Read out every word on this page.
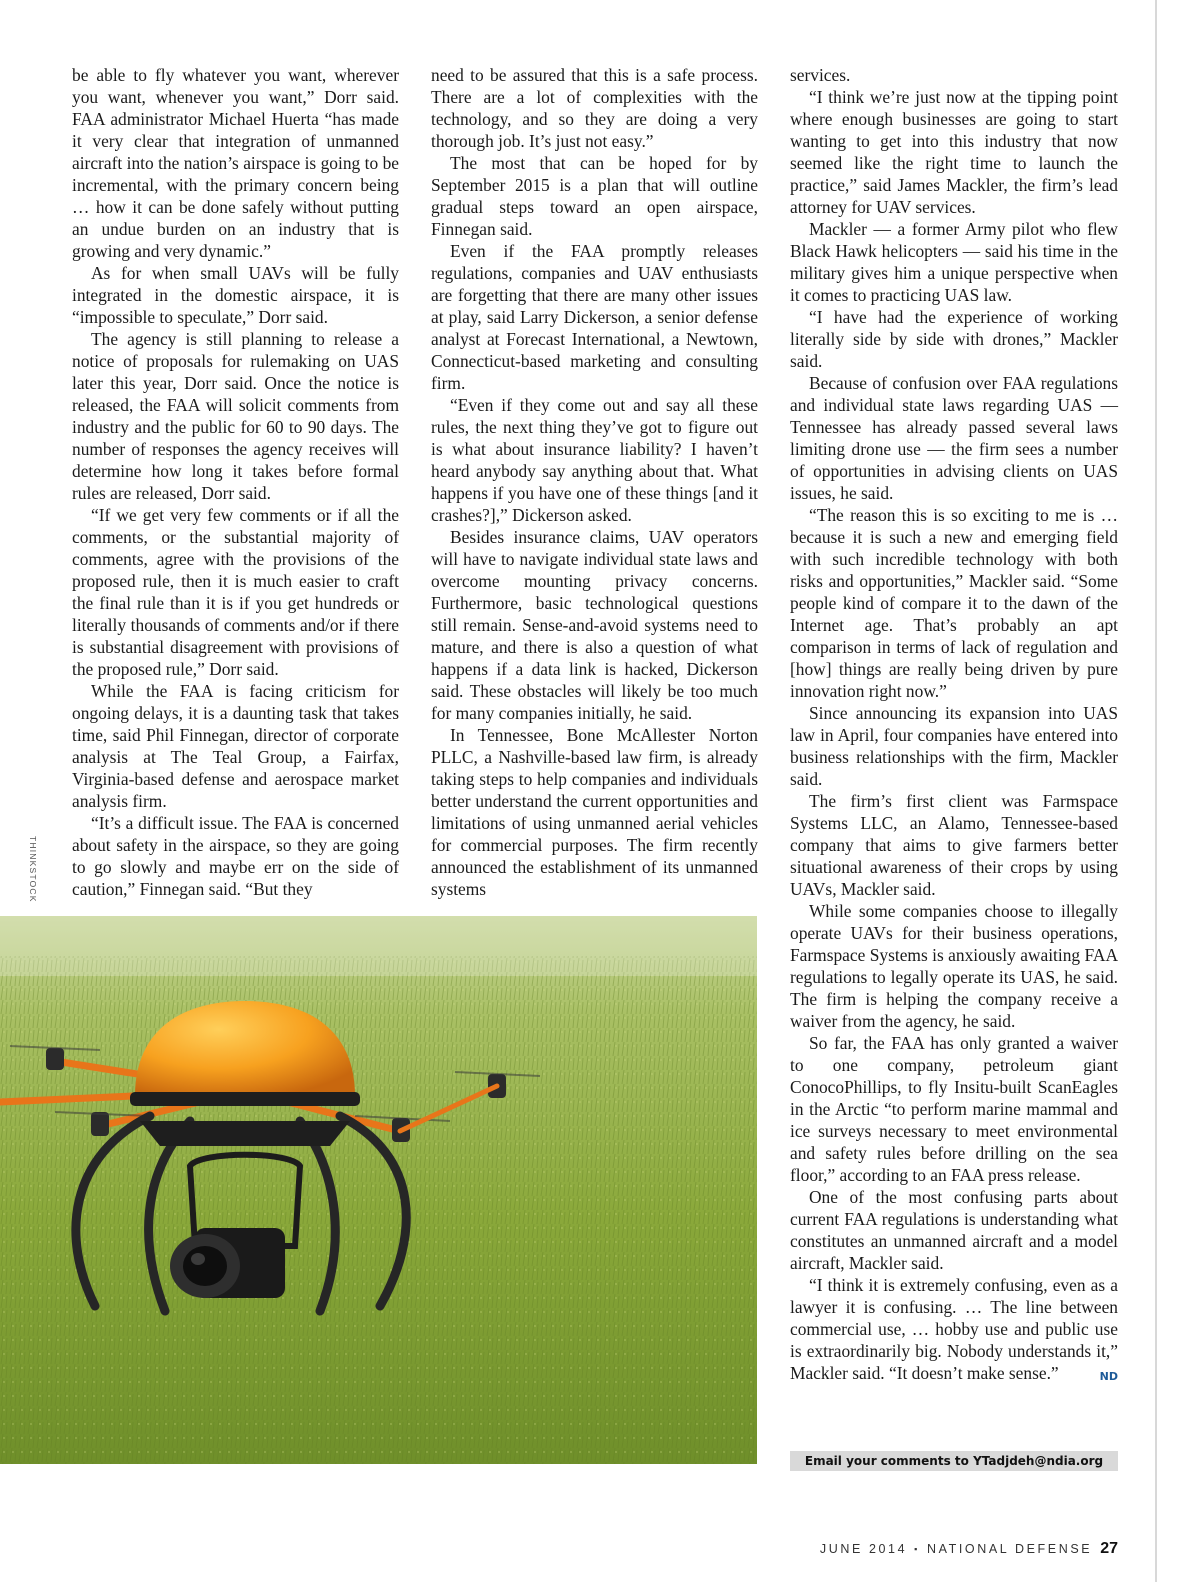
be able to fly whatever you want, wherever you want, whenever you want,” Dorr said. FAA administrator Michael Huerta “has made it very clear that integration of unmanned aircraft into the nation’s airspace is going to be incremental, with the primary concern being … how it can be done safely without putting an undue burden on an industry that is growing and very dynamic.”

As for when small UAVs will be fully integrated in the domestic airspace, it is “impossible to speculate,” Dorr said.

The agency is still planning to release a notice of proposals for rulemaking on UAS later this year, Dorr said. Once the notice is released, the FAA will solicit comments from industry and the public for 60 to 90 days. The number of responses the agency receives will determine how long it takes before formal rules are released, Dorr said.

“If we get very few comments or if all the comments, or the substantial majority of comments, agree with the provisions of the proposed rule, then it is much easier to craft the final rule than it is if you get hundreds or literally thousands of comments and/or if there is substantial disagreement with provisions of the proposed rule,” Dorr said.

While the FAA is facing criticism for ongoing delays, it is a daunting task that takes time, said Phil Finnegan, director of corporate analysis at The Teal Group, a Fairfax, Virginia-based defense and aerospace market analysis firm.

“It’s a difficult issue. The FAA is concerned about safety in the airspace, so they are going to go slowly and maybe err on the side of caution,” Finnegan said. “But they

need to be assured that this is a safe process. There are a lot of complexities with the technology, and so they are doing a very thorough job. It’s just not easy.”

The most that can be hoped for by September 2015 is a plan that will outline gradual steps toward an open airspace, Finnegan said.

Even if the FAA promptly releases regulations, companies and UAV enthusiasts are forgetting that there are many other issues at play, said Larry Dickerson, a senior defense analyst at Forecast International, a Newtown, Connecticut-based marketing and consulting firm.

“Even if they come out and say all these rules, the next thing they’ve got to figure out is what about insurance liability? I haven’t heard anybody say anything about that. What happens if you have one of these things [and it crashes?],” Dickerson asked.

Besides insurance claims, UAV operators will have to navigate individual state laws and overcome mounting privacy concerns. Furthermore, basic technological questions still remain. Sense-and-avoid systems need to mature, and there is also a question of what happens if a data link is hacked, Dickerson said. These obstacles will likely be too much for many companies initially, he said.

In Tennessee, Bone McAllester Norton PLLC, a Nashville-based law firm, is already taking steps to help companies and individuals better understand the current opportunities and limitations of using unmanned aerial vehicles for commercial purposes. The firm recently announced the establishment of its unmanned systems

services.

“I think we’re just now at the tipping point where enough businesses are going to start wanting to get into this industry that now seemed like the right time to launch the practice,” said James Mackler, the firm’s lead attorney for UAV services.

Mackler — a former Army pilot who flew Black Hawk helicopters — said his time in the military gives him a unique perspective when it comes to practicing UAS law.

“I have had the experience of working literally side by side with drones,” Mackler said.

Because of confusion over FAA regulations and individual state laws regarding UAS — Tennessee has already passed several laws limiting drone use — the firm sees a number of opportunities in advising clients on UAS issues, he said.

“The reason this is so exciting to me is … because it is such a new and emerging field with such incredible technology with both risks and opportunities,” Mackler said. “Some people kind of compare it to the dawn of the Internet age. That’s probably an apt comparison in terms of lack of regulation and [how] things are really being driven by pure innovation right now.”

Since announcing its expansion into UAS law in April, four companies have entered into business relationships with the firm, Mackler said.

The firm’s first client was Farmspace Systems LLC, an Alamo, Tennessee-based company that aims to give farmers better situational awareness of their crops by using UAVs, Mackler said.

While some companies choose to illegally operate UAVs for their business operations, Farmspace Systems is anxiously awaiting FAA regulations to legally operate its UAS, he said. The firm is helping the company receive a waiver from the agency, he said.

So far, the FAA has only granted a waiver to one company, petroleum giant ConocoPhillips, to fly Insitu-built ScanEagles in the Arctic “to perform marine mammal and ice surveys necessary to meet environmental and safety rules before drilling on the sea floor,” according to an FAA press release.

One of the most confusing parts about current FAA regulations is understanding what constitutes an unmanned aircraft and a model aircraft, Mackler said.

“I think it is extremely confusing, even as a lawyer it is confusing. … The line between commercial use, … hobby use and public use is extraordinarily big. Nobody understands it,” Mackler said. “It doesn’t make sense.”	ND

THINKSTOCK
Email your comments to
YTadjdeh@ndia.org
JUNE 2014 ▪ NATIONAL DEFENSE 27
